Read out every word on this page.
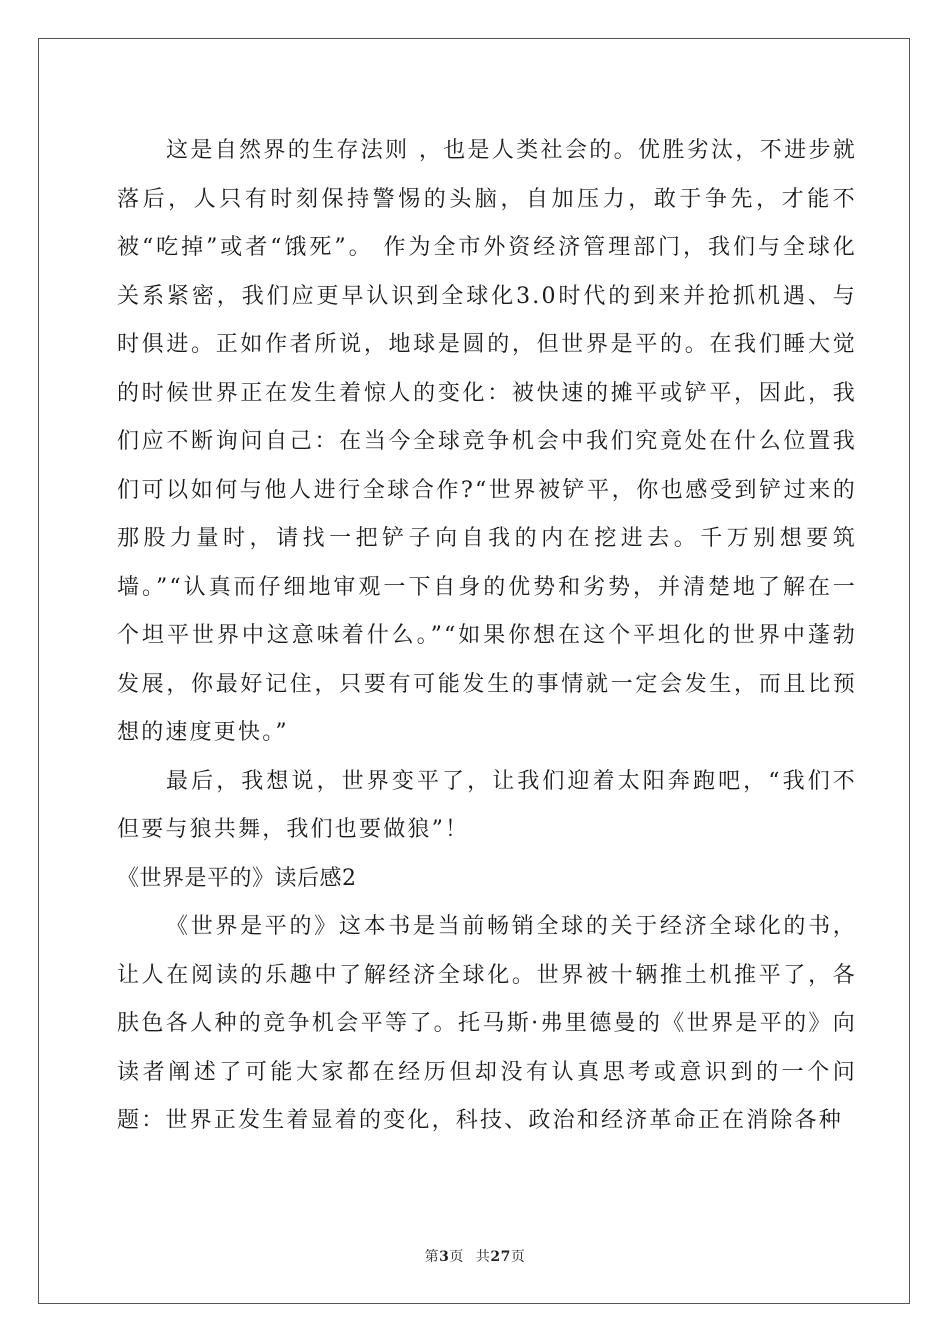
这是自然界的生存法则 ，也是人类社会的。优胜劣汰，不进步就落后，人只有时刻保持警惕的头脑，自加压力，敢于争先，才能不被“吃掉”或者“饿死”。 作为全市外资经济管理部门，我们与全球化关系紧密，我们应更早认识到全球化3.0时代的到来并抢抓机遇、与时俱进。正如作者所说，地球是圆的，但世界是平的。在我们睡大觉的时候世界正在发生着惊人的变化：被快速的摊平或铲平，因此，我们应不断询问自己：在当今全球竞争机会中我们究竟处在什么位置我们可以如何与他人进行全球合作?“世界被铲平，你也感受到铲过来的那股力量时，请找一把铲子向自我的内在挖进去。千万别想要筑墙。”“认真而仔细地审观一下自身的优势和劣势，并清楚地了解在一个坦平世界中这意味着什么。”“如果你想在这个平坦化的世界中蓬勃发展，你最好记住，只要有可能发生的事情就一定会发生，而且比预想的速度更快。”

最后，我想说，世界变平了，让我们迎着太阳奔跑吧，“我们不但要与狼共舞，我们也要做狼”！

《世界是平的》读后感2

《世界是平的》这本书是当前畅销全球的关于经济全球化的书，让人在阅读的乐趣中了解经济全球化。世界被十辆推土机推平了，各肤色各人种的竞争机会平等了。托马斯·弗里德曼的《世界是平的》向读者阐述了可能大家都在经历但却没有认真思考或意识到的一个问题：世界正发生着显着的变化，科技、政治和经济革命正在消除各种

第3页 共27页
